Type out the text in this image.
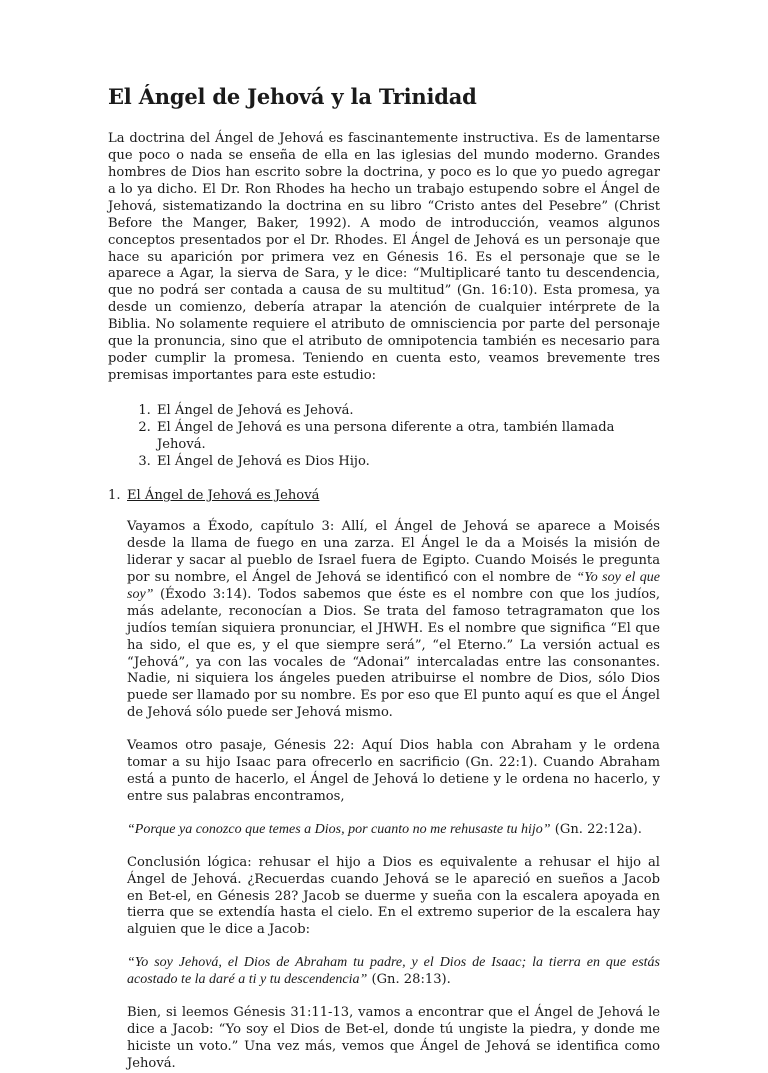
El Ángel de Jehová y la Trinidad

La doctrina del Ángel de Jehová es fascinantemente instructiva. Es de lamentarse que poco o nada se enseña de ella en las iglesias del mundo moderno. Grandes hombres de Dios han escrito sobre la doctrina, y poco es lo que yo puedo agregar a lo ya dicho. El Dr. Ron Rhodes ha hecho un trabajo estupendo sobre el Ángel de Jehová, sistematizando la doctrina en su libro “Cristo antes del Pesebre” (Christ Before the Manger, Baker, 1992). A modo de introducción, veamos algunos conceptos presentados por el Dr. Rhodes. El Ángel de Jehová es un personaje que hace su aparición por primera vez en Génesis 16. Es el personaje que se le aparece a Agar, la sierva de Sara, y le dice: “Multiplicaré tanto tu descendencia, que no podrá ser contada a causa de su multitud” (Gn. 16:10). Esta promesa, ya desde un comienzo, debería atrapar la atención de cualquier intérprete de la Biblia. No solamente requiere el atributo de omnisciencia por parte del personaje que la pronuncia, sino que el atributo de omnipotencia también es necesario para poder cumplir la promesa. Teniendo en cuenta esto, veamos brevemente tres premisas importantes para este estudio:

1. El Ángel de Jehová es Jehová.
2. El Ángel de Jehová es una persona diferente a otra, también llamada Jehová.
3. El Ángel de Jehová es Dios Hijo.
1. El Ángel de Jehová es Jehová

Vayamos a Éxodo, capítulo 3: Allí, el Ángel de Jehová se aparece a Moisés desde la llama de fuego en una zarza. El Ángel le da a Moisés la misión de liderar y sacar al pueblo de Israel fuera de Egipto. Cuando Moisés le pregunta por su nombre, el Ángel de Jehová se identificó con el nombre de “Yo soy el que soy” (Éxodo 3:14). Todos sabemos que éste es el nombre con que los judíos, más adelante, reconocían a Dios. Se trata del famoso tetragramaton que los judíos temían siquiera pronunciar, el JHWH. Es el nombre que significa “El que ha sido, el que es, y el que siempre será”, “el Eterno.” La versión actual es “Jehová”, ya con las vocales de “Adonai” intercaladas entre las consonantes. Nadie, ni siquiera los ángeles pueden atribuirse el nombre de Dios, sólo Dios puede ser llamado por su nombre. Es por eso que El punto aquí es que el Ángel de Jehová sólo puede ser Jehová mismo.

Veamos otro pasaje, Génesis 22: Aquí Dios habla con Abraham y le ordena tomar a su hijo Isaac para ofrecerlo en sacrificio (Gn. 22:1). Cuando Abraham está a punto de hacerlo, el Ángel de Jehová lo detiene y le ordena no hacerlo, y entre sus palabras encontramos,

“Porque ya conozco que temes a Dios, por cuanto no me rehusaste tu hijo” (Gn. 22:12a).

Conclusión lógica: rehusar el hijo a Dios es equivalente a rehusar el hijo al Ángel de Jehová. ¿Recuerdas cuando Jehová se le apareció en sueños a Jacob en Bet-el, en Génesis 28? Jacob se duerme y sueña con la escalera apoyada en tierra que se extendía hasta el cielo. En el extremo superior de la escalera hay alguien que le dice a Jacob:

“Yo soy Jehová, el Dios de Abraham tu padre, y el Dios de Isaac; la tierra en que estás acostado te la daré a ti y tu descendencia” (Gn. 28:13).

Bien, si leemos Génesis 31:11-13, vamos a encontrar que el Ángel de Jehová le dice a Jacob: “Yo soy el Dios de Bet-el, donde tú ungiste la piedra, y donde me hiciste un voto.” Una vez más, vemos que Ángel de Jehová se identifica como Jehová.
